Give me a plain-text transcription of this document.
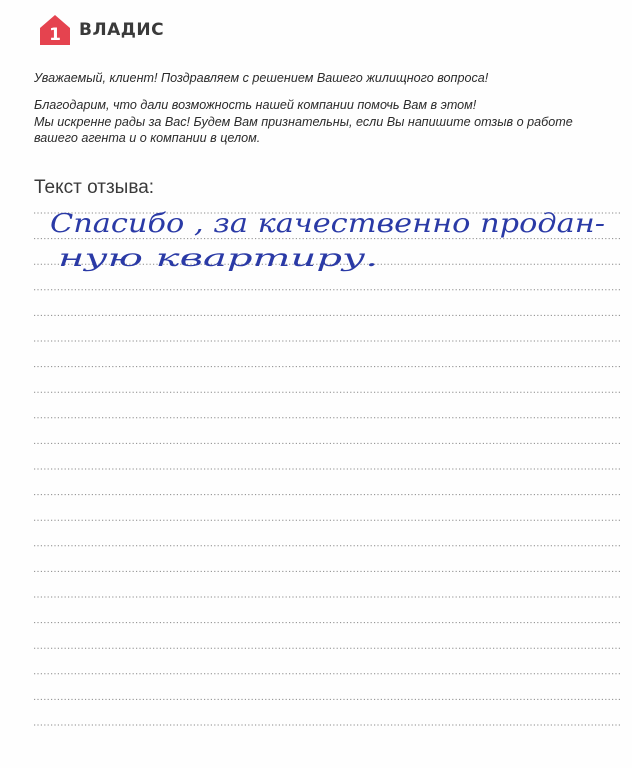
1 ВЛАДИС

Уважаемый, клиент! Поздравляем с решением Вашего жилищного вопроса!

Благодарим, что дали возможность нашей компании помочь Вам в этом!

Мы искренне рады за Вас! Будем Вам признательны, если Вы напишите отзыв о работе

вашего агента и о компании в целом.

Текст отзыва:
Спасибо , за качественно продан-
ную квартиру.
